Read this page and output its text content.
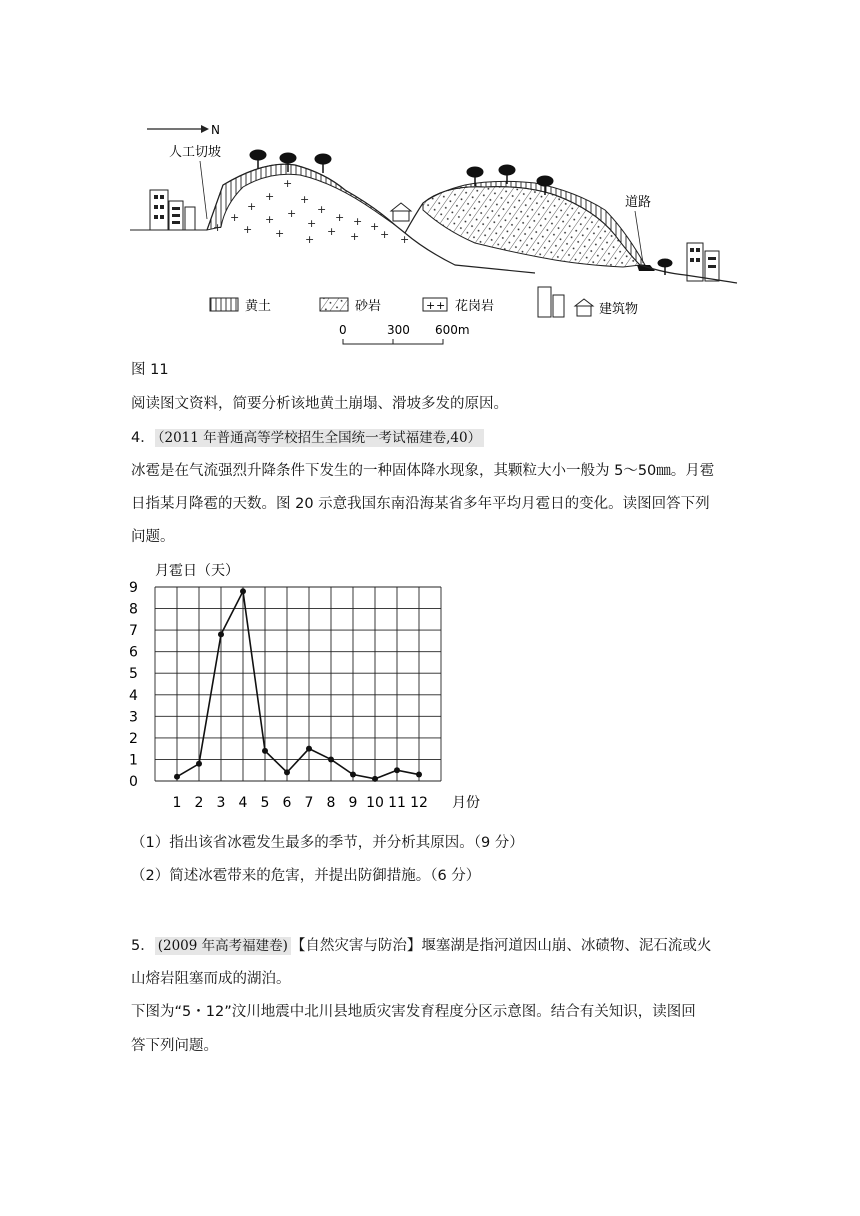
N
人工切坡
+
+
+
+
+
+
+
+ + +
+
+ +
+
+ + + +
+ +
道路
黄土	砂岩	+ + 花岗岩	建筑物
0	300 600m
图 11
阅读图文资料，简要分析该地黄土崩塌、滑坡多发的原因。
4． （2011 年普通高等学校招生全国统一考试福建卷,40）
冰雹是在气流强烈升降条件下发生的一种固体降水现象，其颗粒大小一般为 5～50㎜。月雹
日指某月降雹的天数。图 20 示意我国东南沿海某省多年平均月雹日的变化。读图回答下列
问题。
月雹日（天）
月份
0
1
2
3
4
5
6
7
8
9
1 2 3 4 5 6 7 8 9 10 11 12
（1）指出该省冰雹发生最多的季节，并分析其原因。（9 分）
（2）简述冰雹带来的危害，并提出防御措施。（6 分）
5． (2009 年高考福建卷) 【自然灾害与防治】堰塞湖是指河道因山崩、冰碛物、泥石流或火
山熔岩阻塞而成的湖泊。
下图为“5・12”汶川地震中北川县地质灾害发育程度分区示意图。结合有关知识，读图回
答下列问题。
